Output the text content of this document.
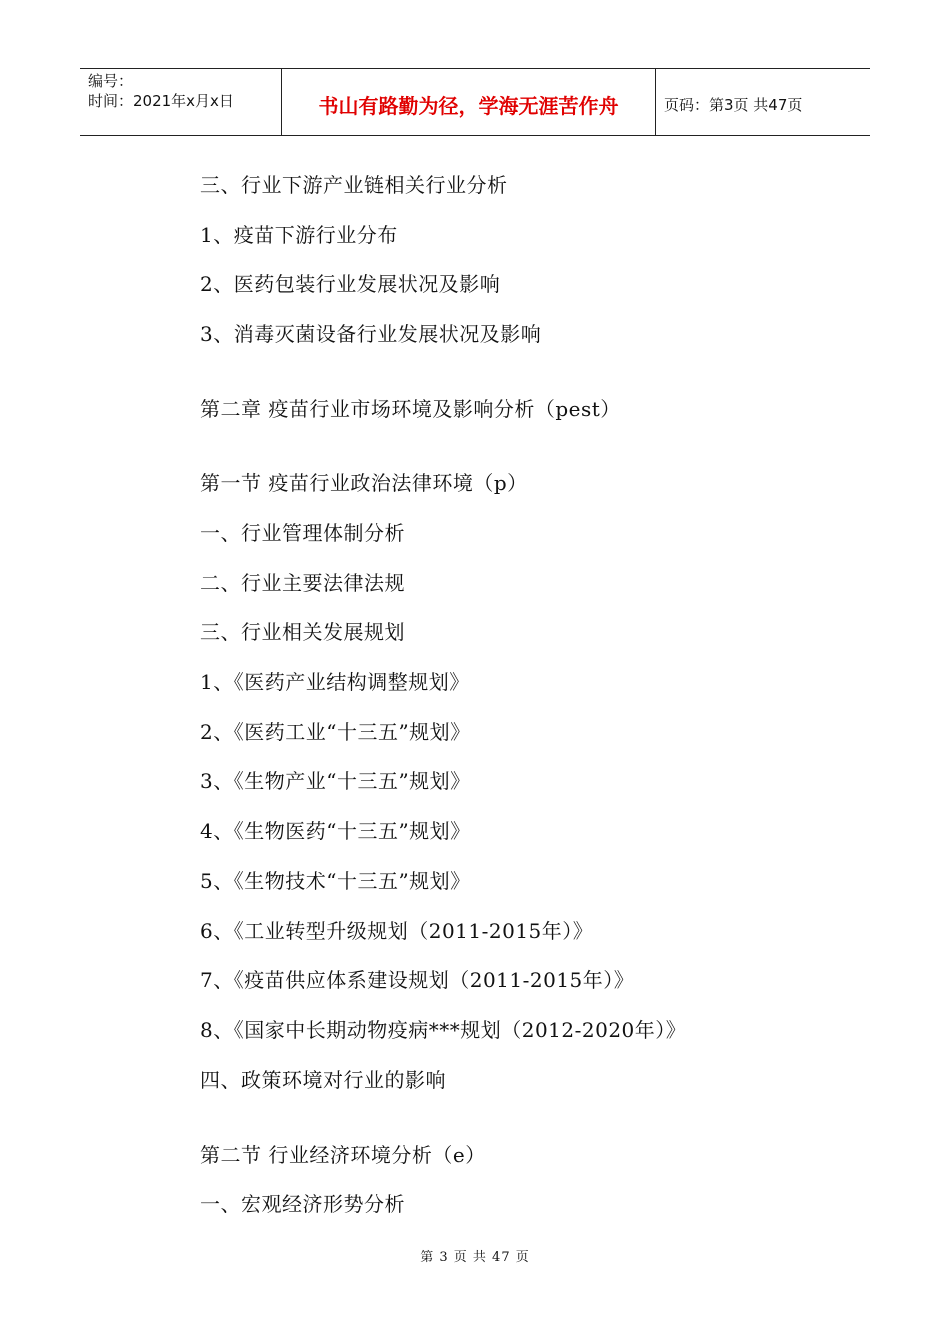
编号：
时间：2021年x月x日	书山有路勤为径，学海无涯苦作舟	页码：第3页 共47页
三、行业下游产业链相关行业分析
1、疫苗下游行业分布
2、医药包装行业发展状况及影响
3、消毒灭菌设备行业发展状况及影响
第二章 疫苗行业市场环境及影响分析（pest）
第一节 疫苗行业政治法律环境（p）
一、行业管理体制分析
二、行业主要法律法规
三、行业相关发展规划
1、《医药产业结构调整规划》
2、《医药工业“十三五”规划》
3、《生物产业“十三五”规划》
4、《生物医药“十三五”规划》
5、《生物技术“十三五”规划》
6、《工业转型升级规划（2011-2015年）》
7、《疫苗供应体系建设规划（2011-2015年）》
8、《国家中长期动物疫病***规划（2012-2020年）》
四、政策环境对行业的影响
第二节 行业经济环境分析（e）
一、宏观经济形势分析
第 3 页 共 47 页
